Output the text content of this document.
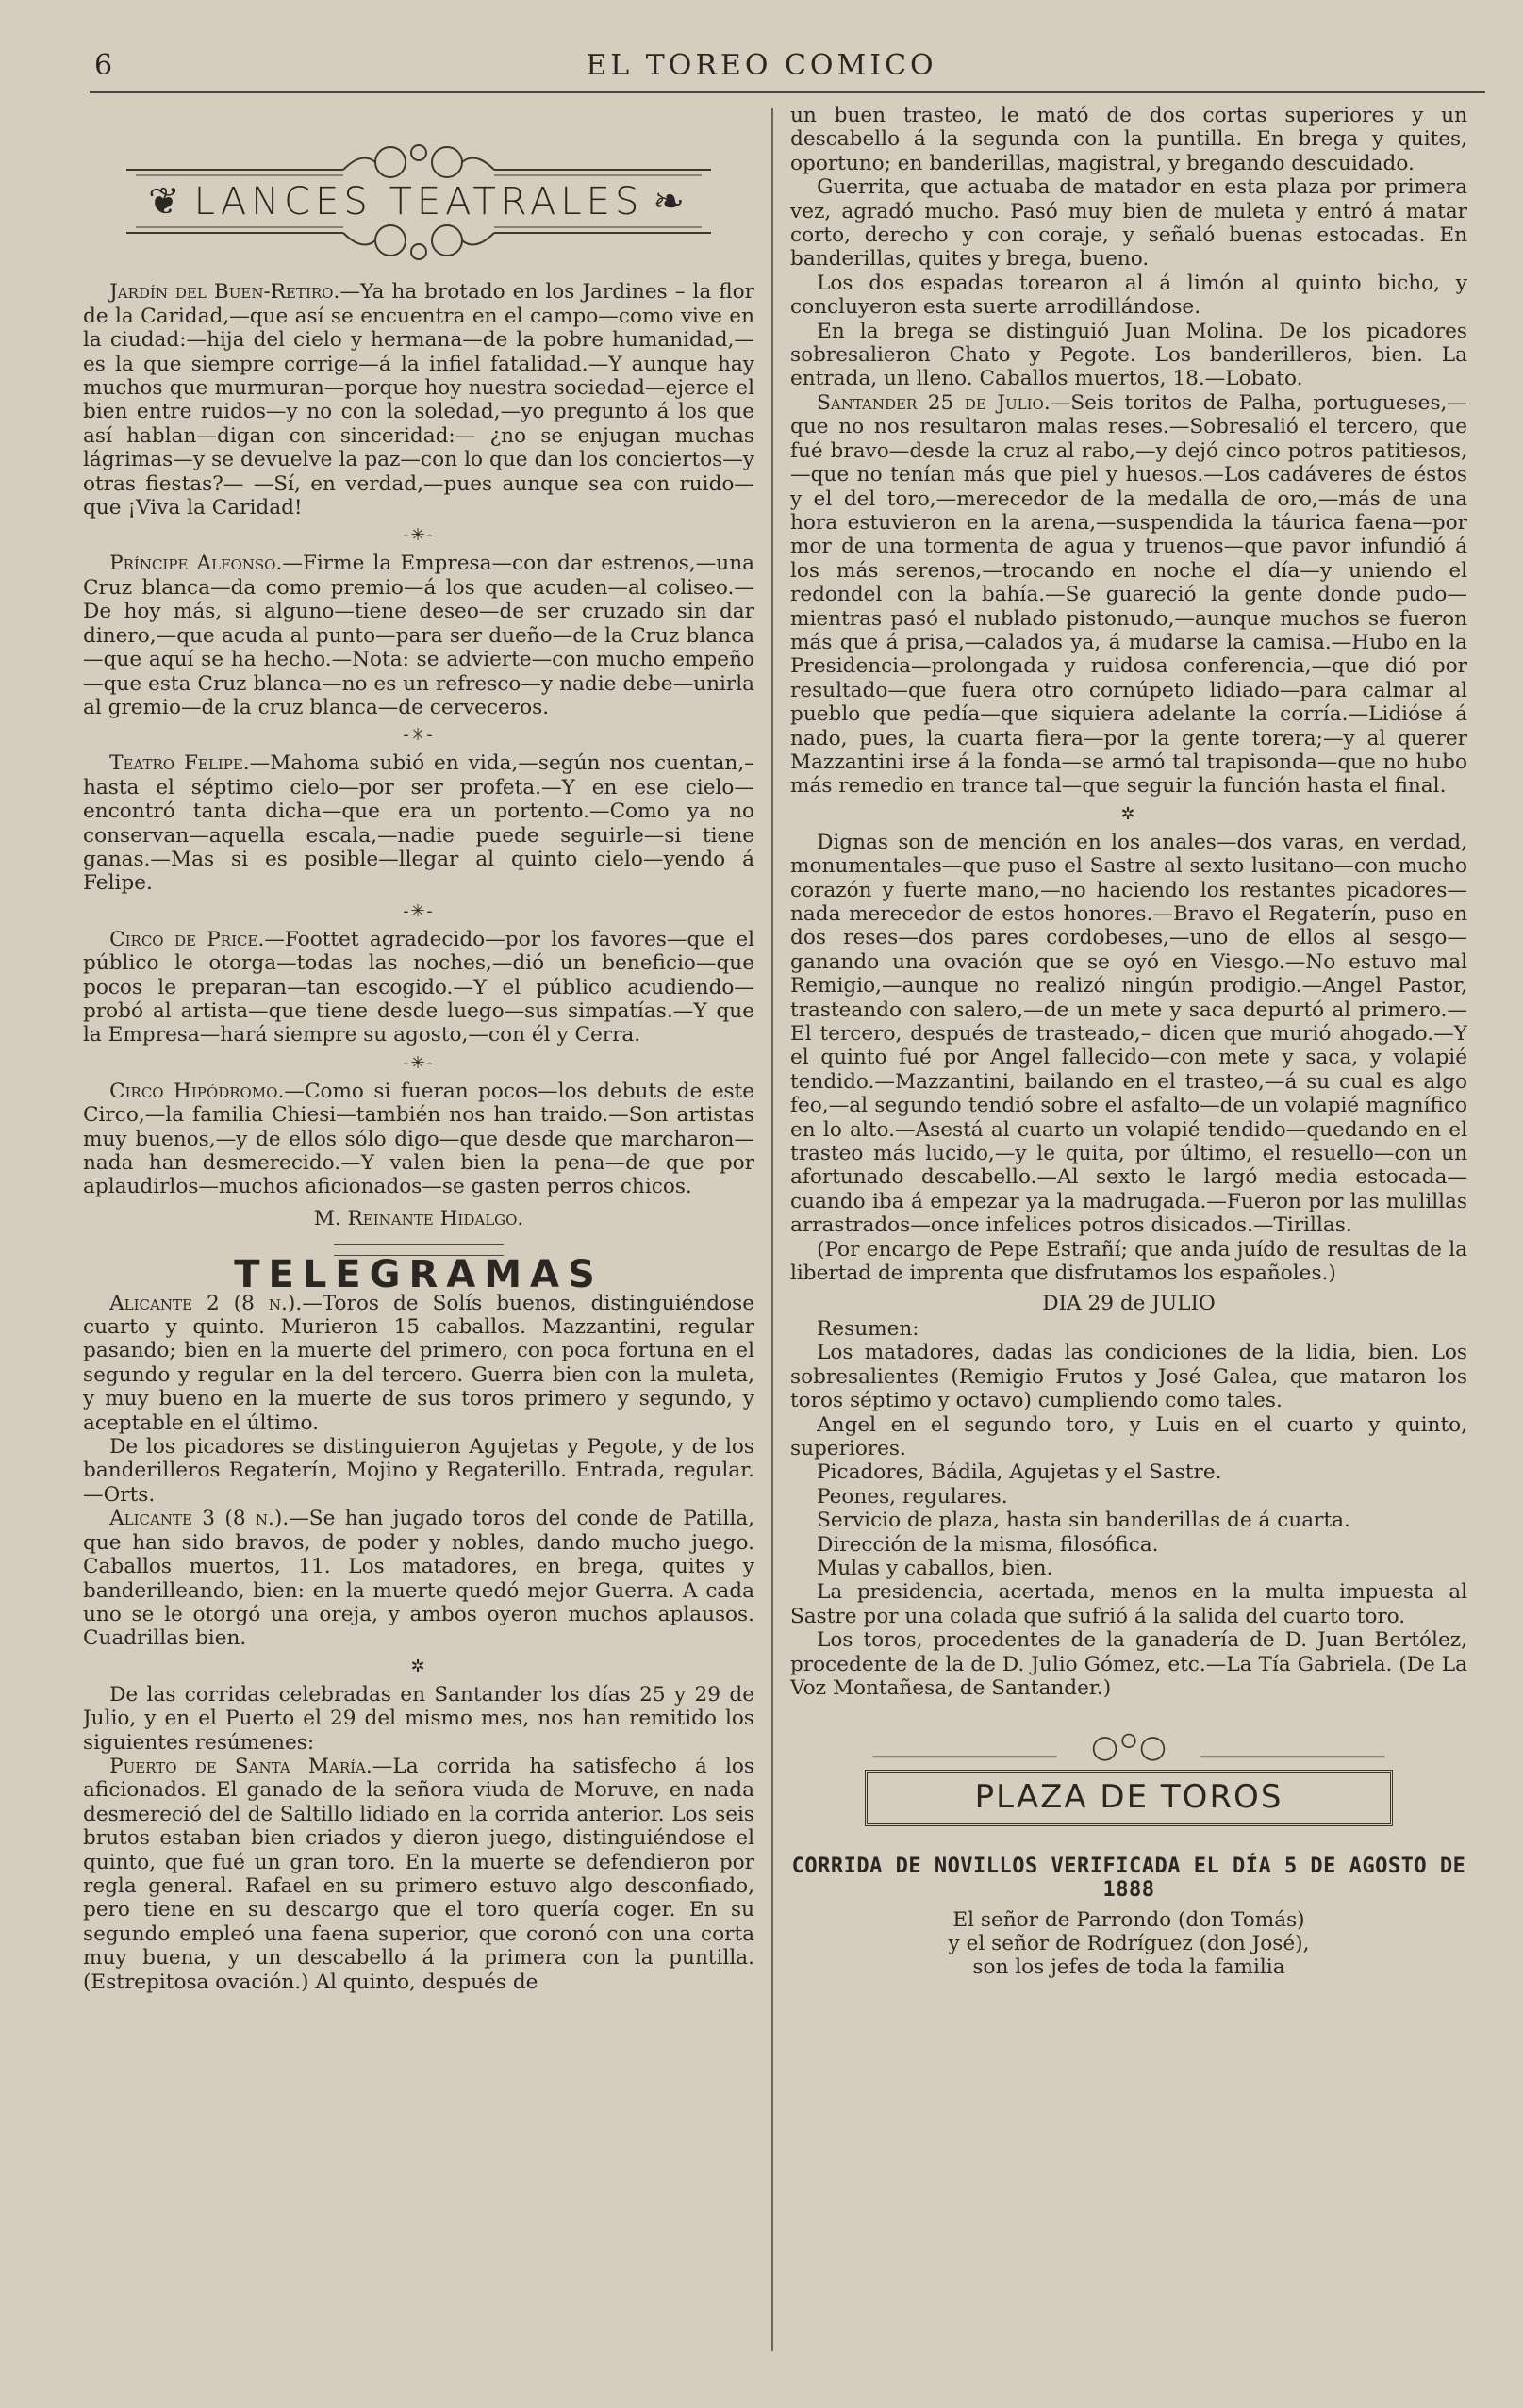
6	EL TOREO COMICO
❦ LANCES TEATRALES ❧

Jardín del Buen-Retiro.—Ya ha brotado en los Jardines – la flor de la Caridad,—que así se encuentra en el campo—como vive en la ciudad:—hija del cielo y hermana—de la pobre humanidad,—es la que siempre corrige—á la infiel fatalidad.—Y aunque hay muchos que murmuran—porque hoy nuestra sociedad—ejerce el bien entre ruidos—y no con la soledad,—yo pregunto á los que así hablan—digan con sinceridad:— ¿no se enjugan muchas lágrimas—y se devuelve la paz—con lo que dan los conciertos—y otras fiestas?— —Sí, en verdad,—pues aunque sea con ruido—que ¡Viva la Caridad!

-✳-

Príncipe Alfonso.—Firme la Empresa—con dar estrenos,—una Cruz blanca—da como premio—á los que acuden—al coliseo.—De hoy más, si alguno—tiene deseo—de ser cruzado sin dar dinero,—que acuda al punto—para ser dueño—de la Cruz blanca—que aquí se ha hecho.—Nota: se advierte—con mucho empeño—que esta Cruz blanca—no es un refresco—y nadie debe—unirla al gremio—de la cruz blanca—de cerveceros.

-✳-

Teatro Felipe.—Mahoma subió en vida,—según nos cuentan,– hasta el séptimo cielo—por ser profeta.—Y en ese cielo—encontró tanta dicha—que era un portento.—Como ya no conservan—aquella escala,—nadie puede seguirle—si tiene ganas.—Mas si es posible—llegar al quinto cielo—yendo á Felipe.

-✳-

Circo de Price.—Foottet agradecido—por los favores—que el público le otorga—todas las noches,—dió un beneficio—que pocos le preparan—tan escogido.—Y el público acudiendo—probó al artista—que tiene desde luego—sus simpatías.—Y que la Empresa—hará siempre su agosto,—con él y Cerra.

-✳-

Circo Hipódromo.—Como si fueran pocos—los debuts de este Circo,—la familia Chiesi—también nos han traido.—Son artistas muy buenos,—y de ellos sólo digo—que desde que marcharon—nada han desmerecido.—Y valen bien la pena—de que por aplaudirlos—muchos aficionados—se gasten perros chicos.

M. Reinante Hidalgo.

TELEGRAMAS

Alicante 2 (8 n.).—Toros de Solís buenos, distinguiéndose cuarto y quinto. Murieron 15 caballos. Mazzantini, regular pasando; bien en la muerte del primero, con poca fortuna en el segundo y regular en la del tercero. Guerra bien con la muleta, y muy bueno en la muerte de sus toros primero y segundo, y aceptable en el último.

De los picadores se distinguieron Agujetas y Pegote, y de los banderilleros Regaterín, Mojino y Regaterillo. Entrada, regular.—Orts.

Alicante 3 (8 n.).—Se han jugado toros del conde de Patilla, que han sido bravos, de poder y nobles, dando mucho juego. Caballos muertos, 11. Los matadores, en brega, quites y banderilleando, bien: en la muerte quedó mejor Guerra. A cada uno se le otorgó una oreja, y ambos oyeron muchos aplausos. Cuadrillas bien.

✲

De las corridas celebradas en Santander los días 25 y 29 de Julio, y en el Puerto el 29 del mismo mes, nos han remitido los siguientes resúmenes:

Puerto de Santa María.—La corrida ha satisfecho á los aficionados. El ganado de la señora viuda de Moruve, en nada desmereció del de Saltillo lidiado en la corrida anterior. Los seis brutos estaban bien criados y dieron juego, distinguiéndose el quinto, que fué un gran toro. En la muerte se defendieron por regla general. Rafael en su primero estuvo algo desconfiado, pero tiene en su descargo que el toro quería coger. En su segundo empleó una faena superior, que coronó con una corta muy buena, y un descabello á la primera con la puntilla. (Estrepitosa ovación.) Al quinto, después de

un buen trasteo, le mató de dos cortas superiores y un descabello á la segunda con la puntilla. En brega y quites, oportuno; en banderillas, magistral, y bregando descuidado.

Guerrita, que actuaba de matador en esta plaza por primera vez, agradó mucho. Pasó muy bien de muleta y entró á matar corto, derecho y con coraje, y señaló buenas estocadas. En banderillas, quites y brega, bueno.

Los dos espadas torearon al á limón al quinto bicho, y concluyeron esta suerte arrodillándose.

En la brega se distinguió Juan Molina. De los picadores sobresalieron Chato y Pegote. Los banderilleros, bien. La entrada, un lleno. Caballos muertos, 18.—Lobato.

Santander 25 de Julio.—Seis toritos de Palha, portugueses,—que no nos resultaron malas reses.—Sobresalió el tercero, que fué bravo—desde la cruz al rabo,—y dejó cinco potros patitiesos,—que no tenían más que piel y huesos.—Los cadáveres de éstos y el del toro,—merecedor de la medalla de oro,—más de una hora estuvieron en la arena,—suspendida la táurica faena—por mor de una tormenta de agua y truenos—que pavor infundió á los más serenos,—trocando en noche el día—y uniendo el redondel con la bahía.—Se guareció la gente donde pudo—mientras pasó el nublado pistonudo,—aunque muchos se fueron más que á prisa,—calados ya, á mudarse la camisa.—Hubo en la Presidencia—prolongada y ruidosa conferencia,—que dió por resultado—que fuera otro cornúpeto lidiado—para calmar al pueblo que pedía—que siquiera adelante la corría.—Lidióse á nado, pues, la cuarta fiera—por la gente torera;—y al querer Mazzantini irse á la fonda—se armó tal trapisonda—que no hubo más remedio en trance tal—que seguir la función hasta el final.

✲

Dignas son de mención en los anales—dos varas, en verdad, monumentales—que puso el Sastre al sexto lusitano—con mucho corazón y fuerte mano,—no haciendo los restantes picadores—nada merecedor de estos honores.—Bravo el Regaterín, puso en dos reses—dos pares cordobeses,—uno de ellos al sesgo—ganando una ovación que se oyó en Viesgo.—No estuvo mal Remigio,—aunque no realizó ningún prodigio.—Angel Pastor, trasteando con salero,—de un mete y saca depurtó al primero.—El tercero, después de trasteado,– dicen que murió ahogado.—Y el quinto fué por Angel fallecido—con mete y saca, y volapié tendido.—Mazzantini, bailando en el trasteo,—á su cual es algo feo,—al segundo tendió sobre el asfalto—de un volapié magnífico en lo alto.—Asestá al cuarto un volapié tendido—quedando en el trasteo más lucido,—y le quita, por último, el resuello—con un afortunado descabello.—Al sexto le largó media estocada—cuando iba á empezar ya la madrugada.—Fueron por las mulillas arrastrados—once infelices potros disicados.—Tirillas.

(Por encargo de Pepe Estrañí; que anda juído de resultas de la libertad de imprenta que disfrutamos los españoles.)

DIA 29 de JULIO

Resumen:

Los matadores, dadas las condiciones de la lidia, bien. Los sobresalientes (Remigio Frutos y José Galea, que mataron los toros séptimo y octavo) cumpliendo como tales.

Angel en el segundo toro, y Luis en el cuarto y quinto, superiores.

Picadores, Bádila, Agujetas y el Sastre.

Peones, regulares.

Servicio de plaza, hasta sin banderillas de á cuarta.

Dirección de la misma, filosófica.

Mulas y caballos, bien.

La presidencia, acertada, menos en la multa impuesta al Sastre por una colada que sufrió á la salida del cuarto toro.

Los toros, procedentes de la ganadería de D. Juan Bertólez, procedente de la de D. Julio Gómez, etc.—La Tía Gabriela. (De La Voz Montañesa, de Santander.)

PLAZA DE TOROS
CORRIDA DE NOVILLOS VERIFICADA EL DÍA 5 DE AGOSTO DE 1888

El señor de Parrondo (don Tomás)

y el señor de Rodríguez (don José),

son los jefes de toda la familia
